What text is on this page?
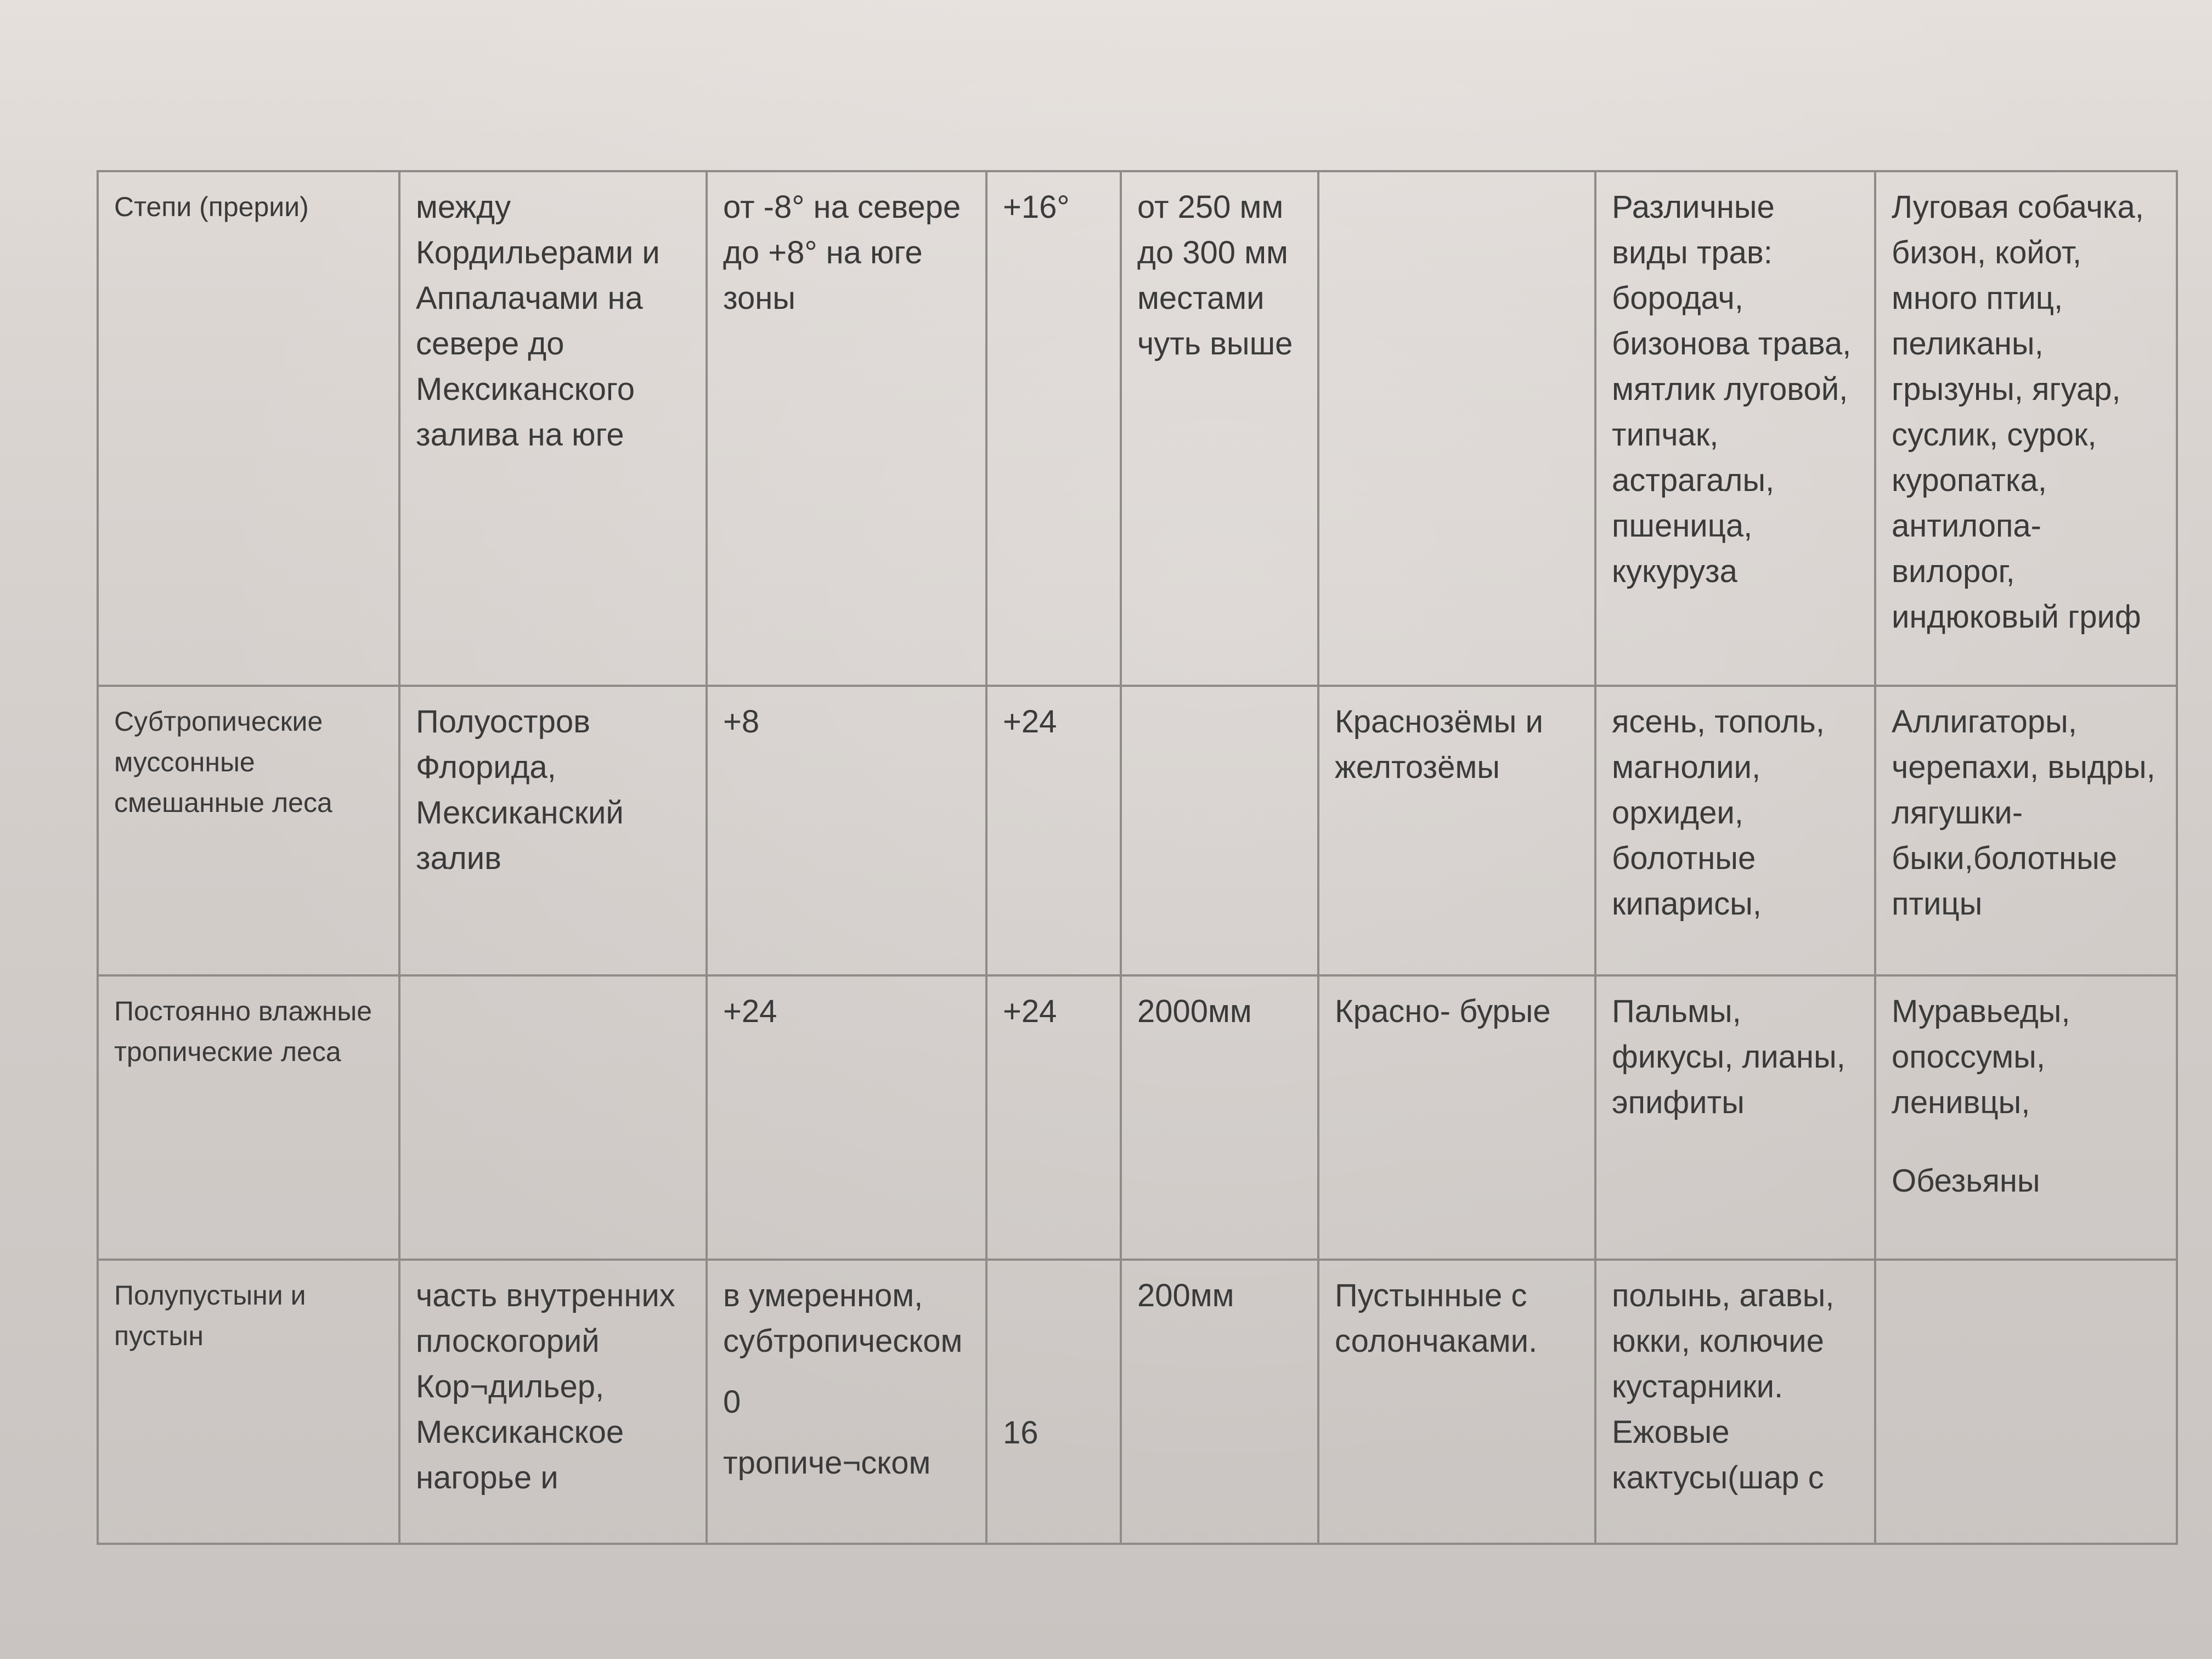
Степи (прерии)	между Кордильерами и Аппалачами на севере до Мексиканского залива на юге	от -8° на севере до +8° на юге зоны	+16°	от 250 мм до 300 мм местами чуть выше		Различные виды трав: бородач, бизонова трава, мятлик луговой, типчак, астрагалы, пшеница, кукуруза	Луговая собачка, бизон, койот, много птиц, пеликаны, грызуны, ягуар, суслик, сурок, куропатка, антилопа-вилорог, индюковый гриф
Субтропические муссонные смешанные леса	Полуостров Флорида, Мексиканский залив	+8	+24		Краснозёмы и желтозёмы	ясень, тополь, магнолии, орхидеи, болотные кипарисы,	Аллигаторы, черепахи, выдры, лягушки-быки,болотные птицы
Постоянно влажные тропические леса		+24	+24	2000мм	Красно- бурые	Пальмы, фикусы, лианы, эпифиты	Муравьеды, опоссумы, ленивцы,
Обезьяны

Полупустыни и пустын	часть внутренних плоскогорий Кор¬дильер, Мексиканское нагорье и	в умеренном, субтропическом
0
тропиче¬ском	16	200мм	Пустынные с солончаками.	полынь, агавы, юкки, колючие кустарники. Ежовые кактусы(шар с	
